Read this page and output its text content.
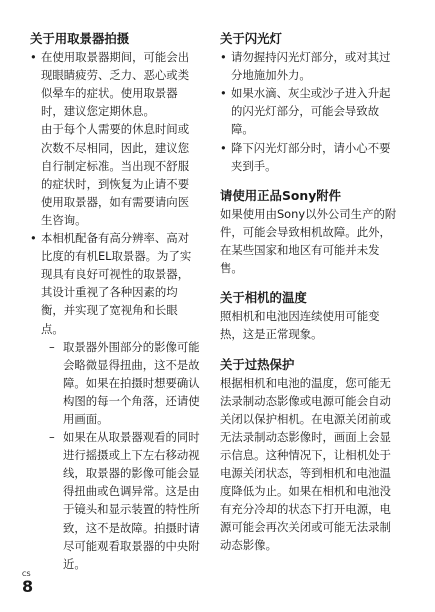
关于用取景器拍摄

• 在使用取景器期间，可能会出现眼睛疲劳、乏力、恶心或类似晕车的症状。使用取景器时，建议您定期休息。

由于每个人需要的休息时间或次数不尽相同，因此，建议您自行制定标准。当出现不舒服的症状时，到恢复为止请不要使用取景器，如有需要请向医生咨询。

• 本相机配备有高分辨率、高对比度的有机EL取景器。为了实现具有良好可视性的取景器，其设计重视了各种因素的均衡，并实现了宽视角和长眼点。

– 取景器外围部分的影像可能会略微显得扭曲，这不是故障。如果在拍摄时想要确认构图的每一个角落，还请使用画面。
– 如果在从取景器观看的同时进行摇摄或上下左右移动视线，取景器的影像可能会显得扭曲或色调异常。这是由于镜头和显示装置的特性所致，这不是故障。拍摄时请尽可能观看取景器的中央附近。
关于闪光灯
• 请勿握持闪光灯部分，或对其过分地施加外力。
• 如果水滴、灰尘或沙子进入升起的闪光灯部分，可能会导致故障。
• 降下闪光灯部分时，请小心不要夹到手。
请使用正品Sony附件

如果使用由Sony以外公司生产的附件，可能会导致相机故障。此外，在某些国家和地区有可能并未发售。

关于相机的温度

照相机和电池因连续使用可能变热，这是正常现象。

关于过热保护

根据相机和电池的温度，您可能无法录制动态影像或电源可能会自动关闭以保护相机。在电源关闭前或无法录制动态影像时，画面上会显示信息。这种情况下，让相机处于电源关闭状态，等到相机和电池温度降低为止。如果在相机和电池没有充分冷却的状态下打开电源，电源可能会再次关闭或可能无法录制动态影像。

CS
8
